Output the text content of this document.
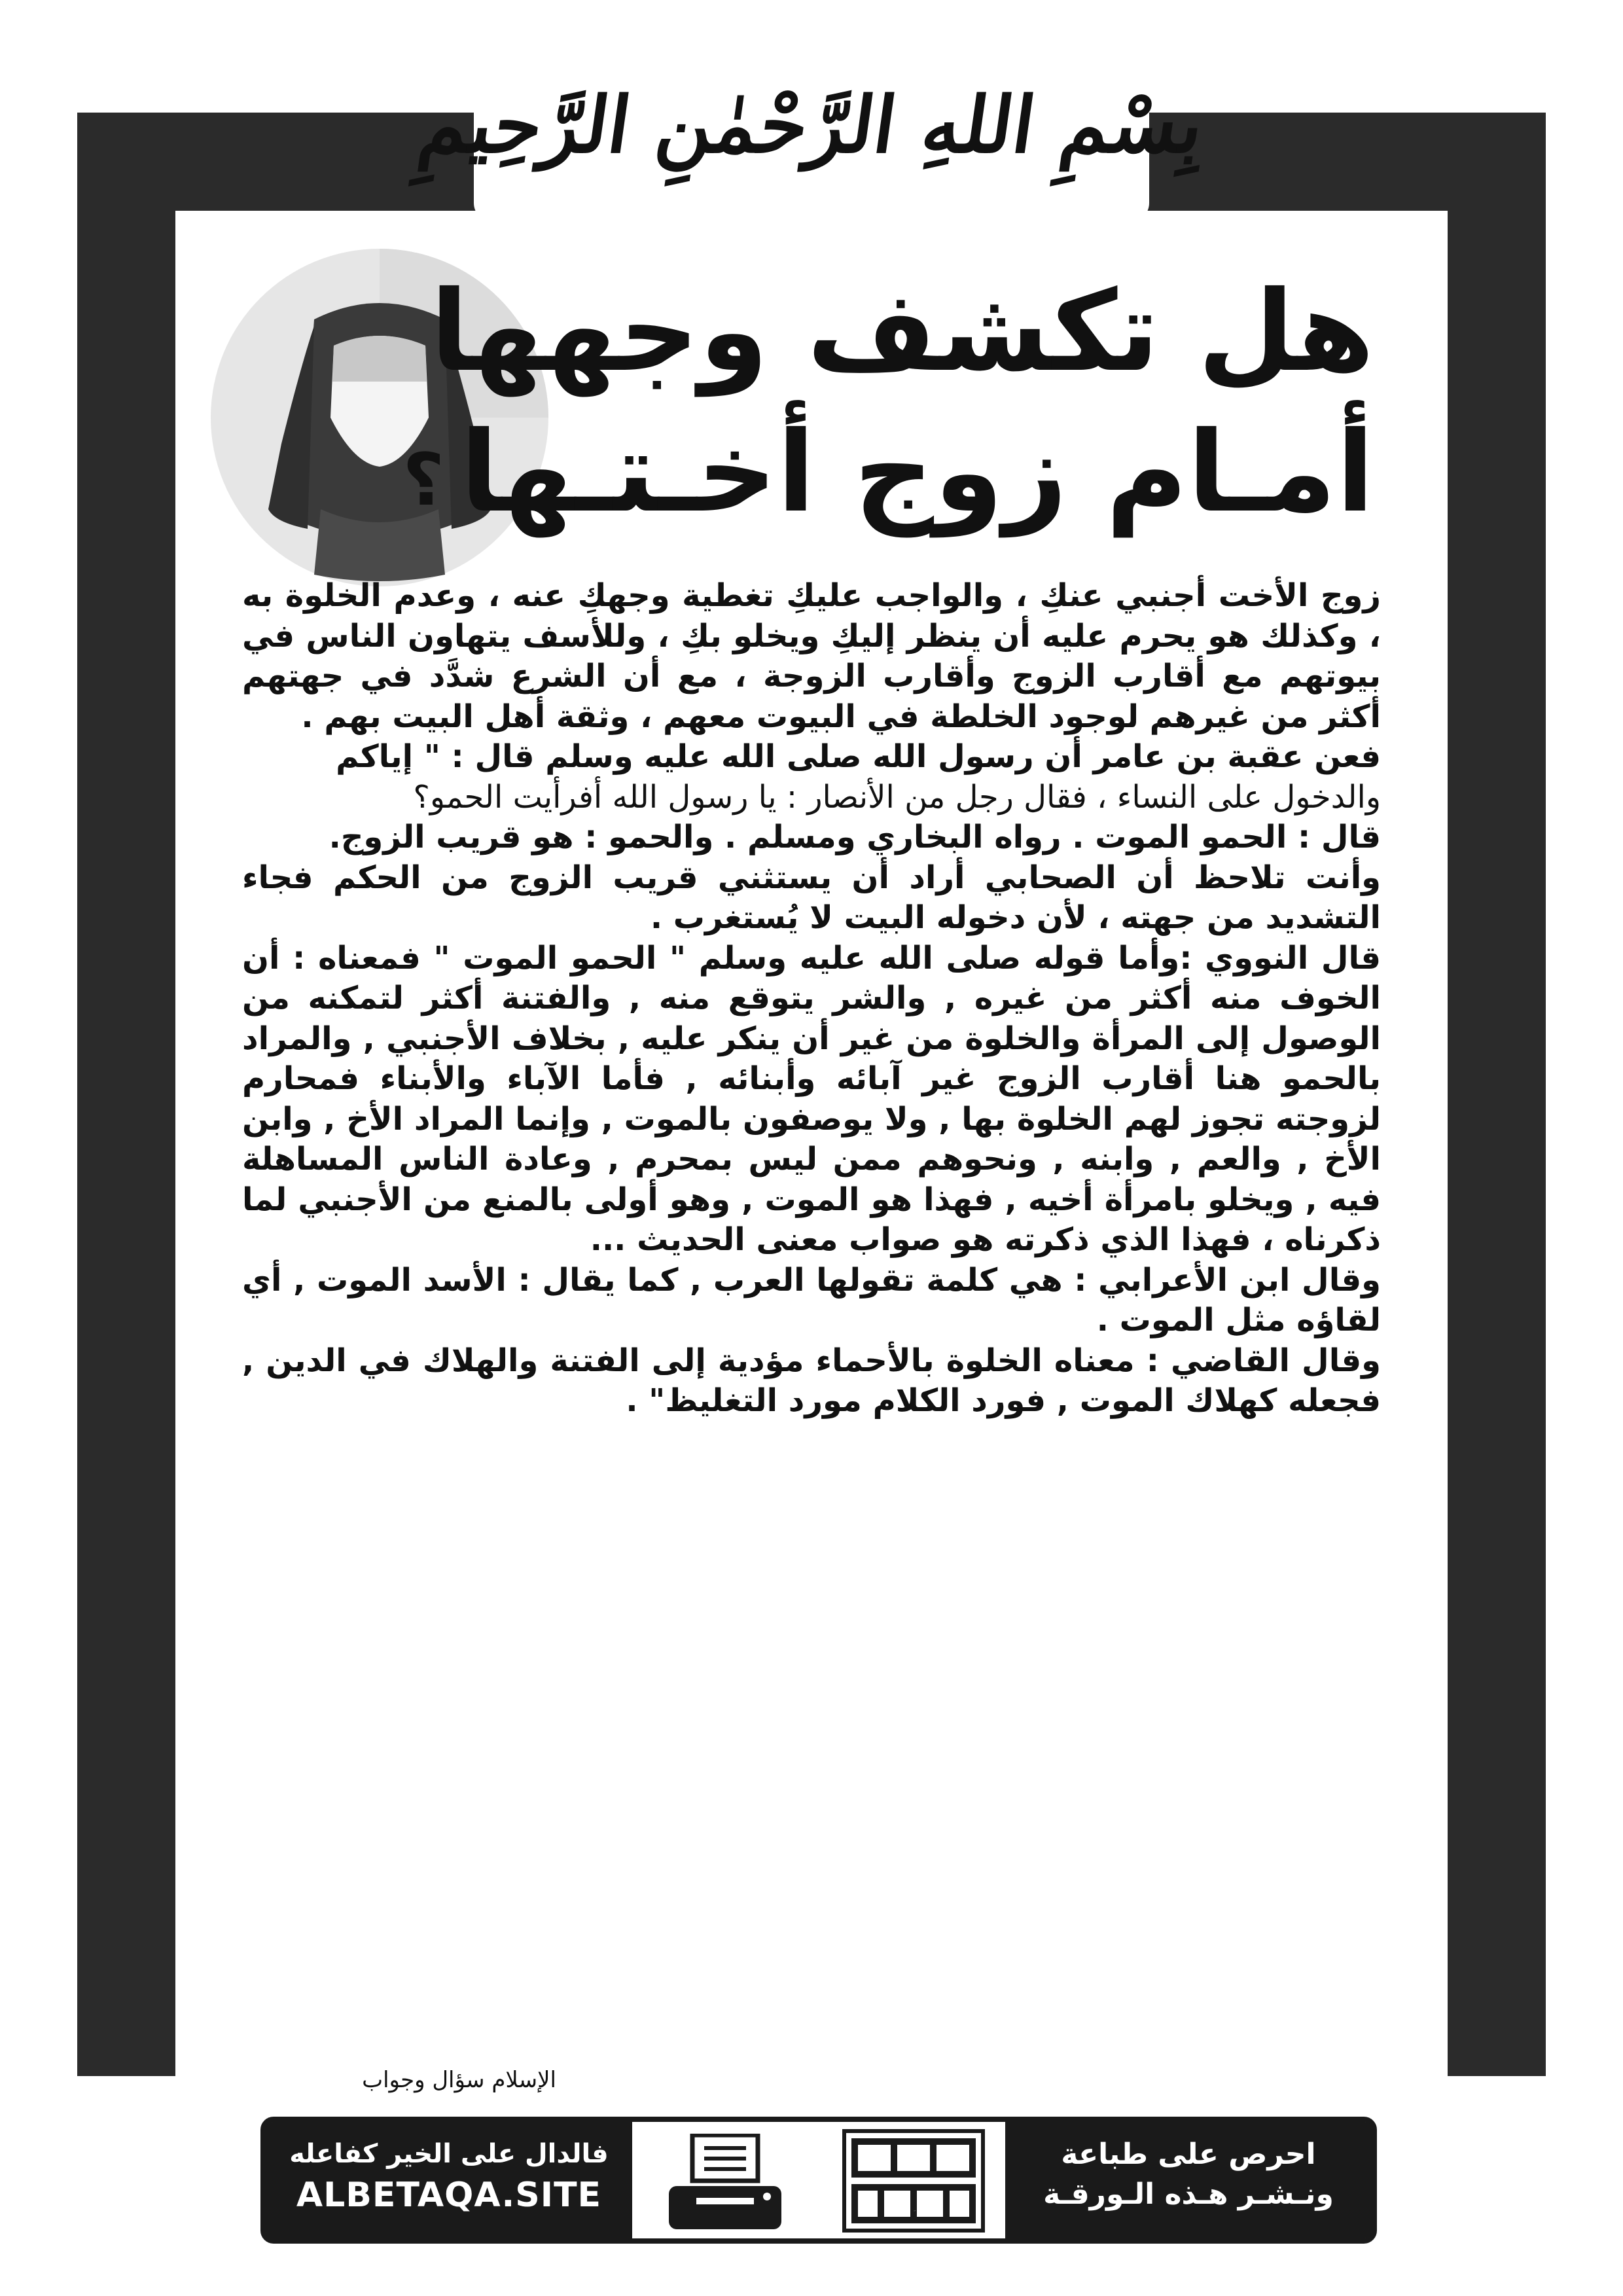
بِسْمِ اللهِ الرَّحْمٰنِ الرَّحِيمِ
هل تكشف وجهها
أمـام زوج أخـتـها؟

زوج الأخت أجنبي عنكِ ، والواجب عليكِ تغطية وجهكِ عنه ، وعدم الخلوة به ، وكذلك هو يحرم عليه أن ينظر إليكِ ويخلو بكِ ، وللأسف يتهاون الناس في بيوتهم مع أقارب الزوج وأقارب الزوجة ، مع أن الشرع شدَّد في جهتهم أكثر من غيرهم لوجود الخلطة في البيوت معهم ، وثقة أهل البيت بهم .

فعن عقبة بن عامر أن رسول الله صلى الله عليه وسلم قال : " إياكم

والدخول على النساء ، فقال رجل من الأنصار : يا رسول الله أفرأيت الحمو؟

قال : الحمو الموت . رواه البخاري ومسلم . والحمو : هو قريب الزوج.

وأنت تلاحظ أن الصحابي أراد أن يستثني قريب الزوج من الحكم فجاء التشديد من جهته ، لأن دخوله البيت لا يُستغرب .

قال النووي :وأما قوله صلى الله عليه وسلم " الحمو الموت " فمعناه : أن الخوف منه أكثر من غيره , والشر يتوقع منه , والفتنة أكثر لتمكنه من الوصول إلى المرأة والخلوة من غير أن ينكر عليه , بخلاف الأجنبي , والمراد بالحمو هنا أقارب الزوج غير آبائه وأبنائه , فأما الآباء والأبناء فمحارم لزوجته تجوز لهم الخلوة بها , ولا يوصفون بالموت , وإنما المراد الأخ , وابن الأخ , والعم , وابنه , ونحوهم ممن ليس بمحرم , وعادة الناس المساهلة فيه , ويخلو بامرأة أخيه , فهذا هو الموت , وهو أولى بالمنع من الأجنبي لما ذكرناه ، فهذا الذي ذكرته هو صواب معنى الحديث ...

وقال ابن الأعرابي : هي كلمة تقولها العرب , كما يقال : الأسد الموت , أي لقاؤه مثل الموت .

وقال القاضي : معناه الخلوة بالأحماء مؤدية إلى الفتنة والهلاك في الدين , فجعله كهلاك الموت , فورد الكلام مورد التغليظ" .

الإسلام سؤال وجواب
فالدال على الخير كفاعله
ALBETAQA.SITE
دعوة
الورقة
احرص على طباعة
ونـشـر هـذه الـورقـة
